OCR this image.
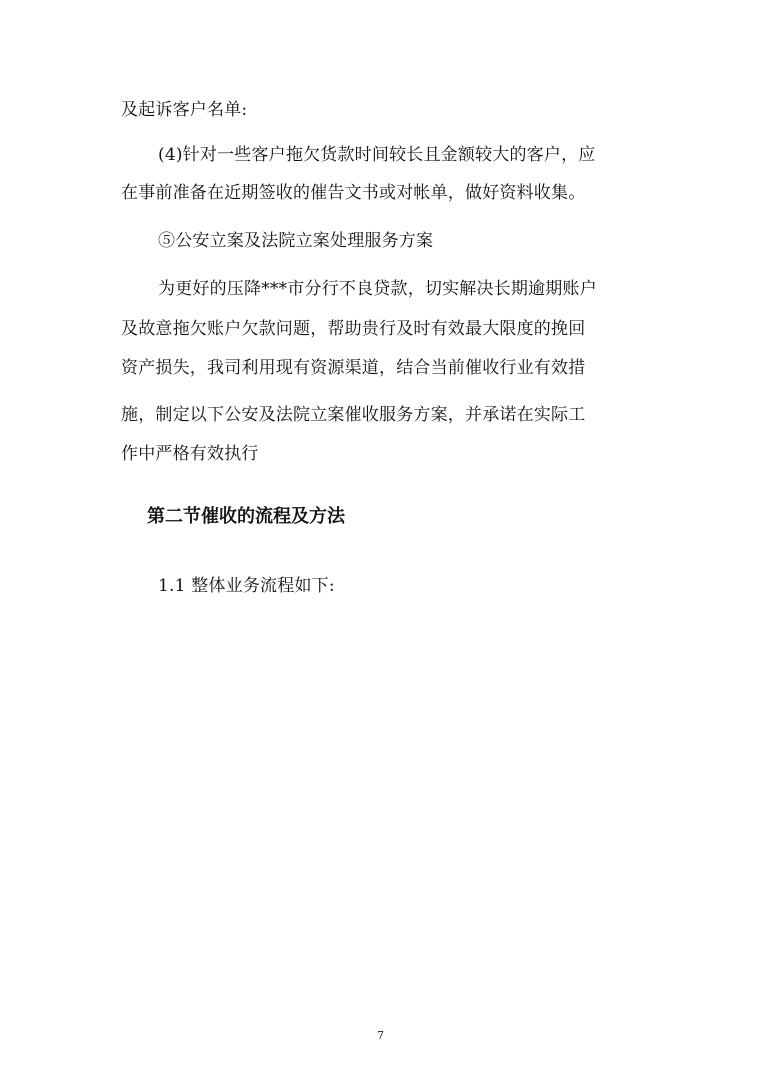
及起诉客户名单:
(4)针对一些客户拖欠货款时间较长且金额较大的客户，应
在事前准备在近期签收的催告文书或对帐单，做好资料收集。
⑤公安立案及法院立案处理服务方案
为更好的压降***市分行不良贷款，切实解决长期逾期账户
及故意拖欠账户欠款问题，帮助贵行及时有效最大限度的挽回
资产损失，我司利用现有资源渠道，结合当前催收行业有效措
施，制定以下公安及法院立案催收服务方案，并承诺在实际工
作中严格有效执行
第二节催收的流程及方法
1.1 整体业务流程如下:
7
